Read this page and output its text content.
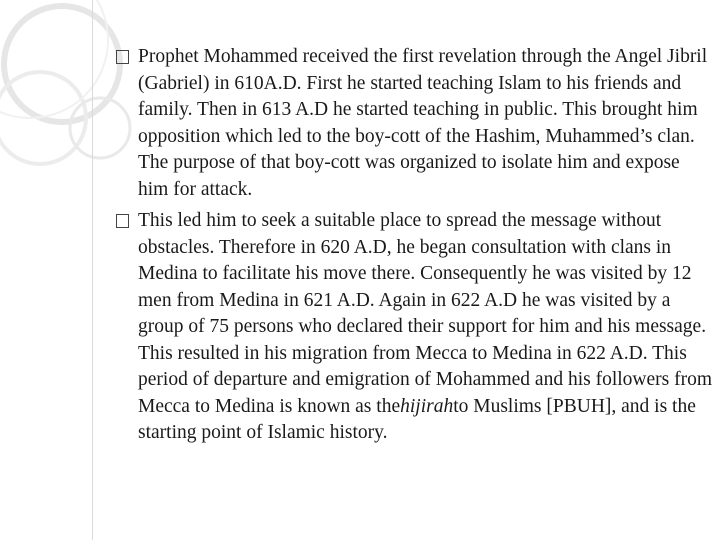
Prophet Mohammed received the first revelation through the Angel Jibril (Gabriel) in 610A.D. First he started teaching Islam to his friends and family. Then in 613 A.D he started teaching in public. This brought him opposition which led to the boy-cott of the Hashim, Muhammed’s clan. The purpose of that boy-cott was organized to isolate him and expose him for attack.

This led him to seek a suitable place to spread the message without obstacles. Therefore in 620 A.D, he began consultation with clans in Medina to facilitate his move there. Consequently he was visited by 12 men from Medina in 621 A.D. Again in 622 A.D he was visited by a group of 75 persons who declared their support for him and his message. This resulted in his migration from Mecca to Medina in 622 A.D. This period of departure and emigration of Mohammed and his followers from Mecca to Medina is known as thehijirahto Muslims [PBUH], and is the starting point of Islamic history.
